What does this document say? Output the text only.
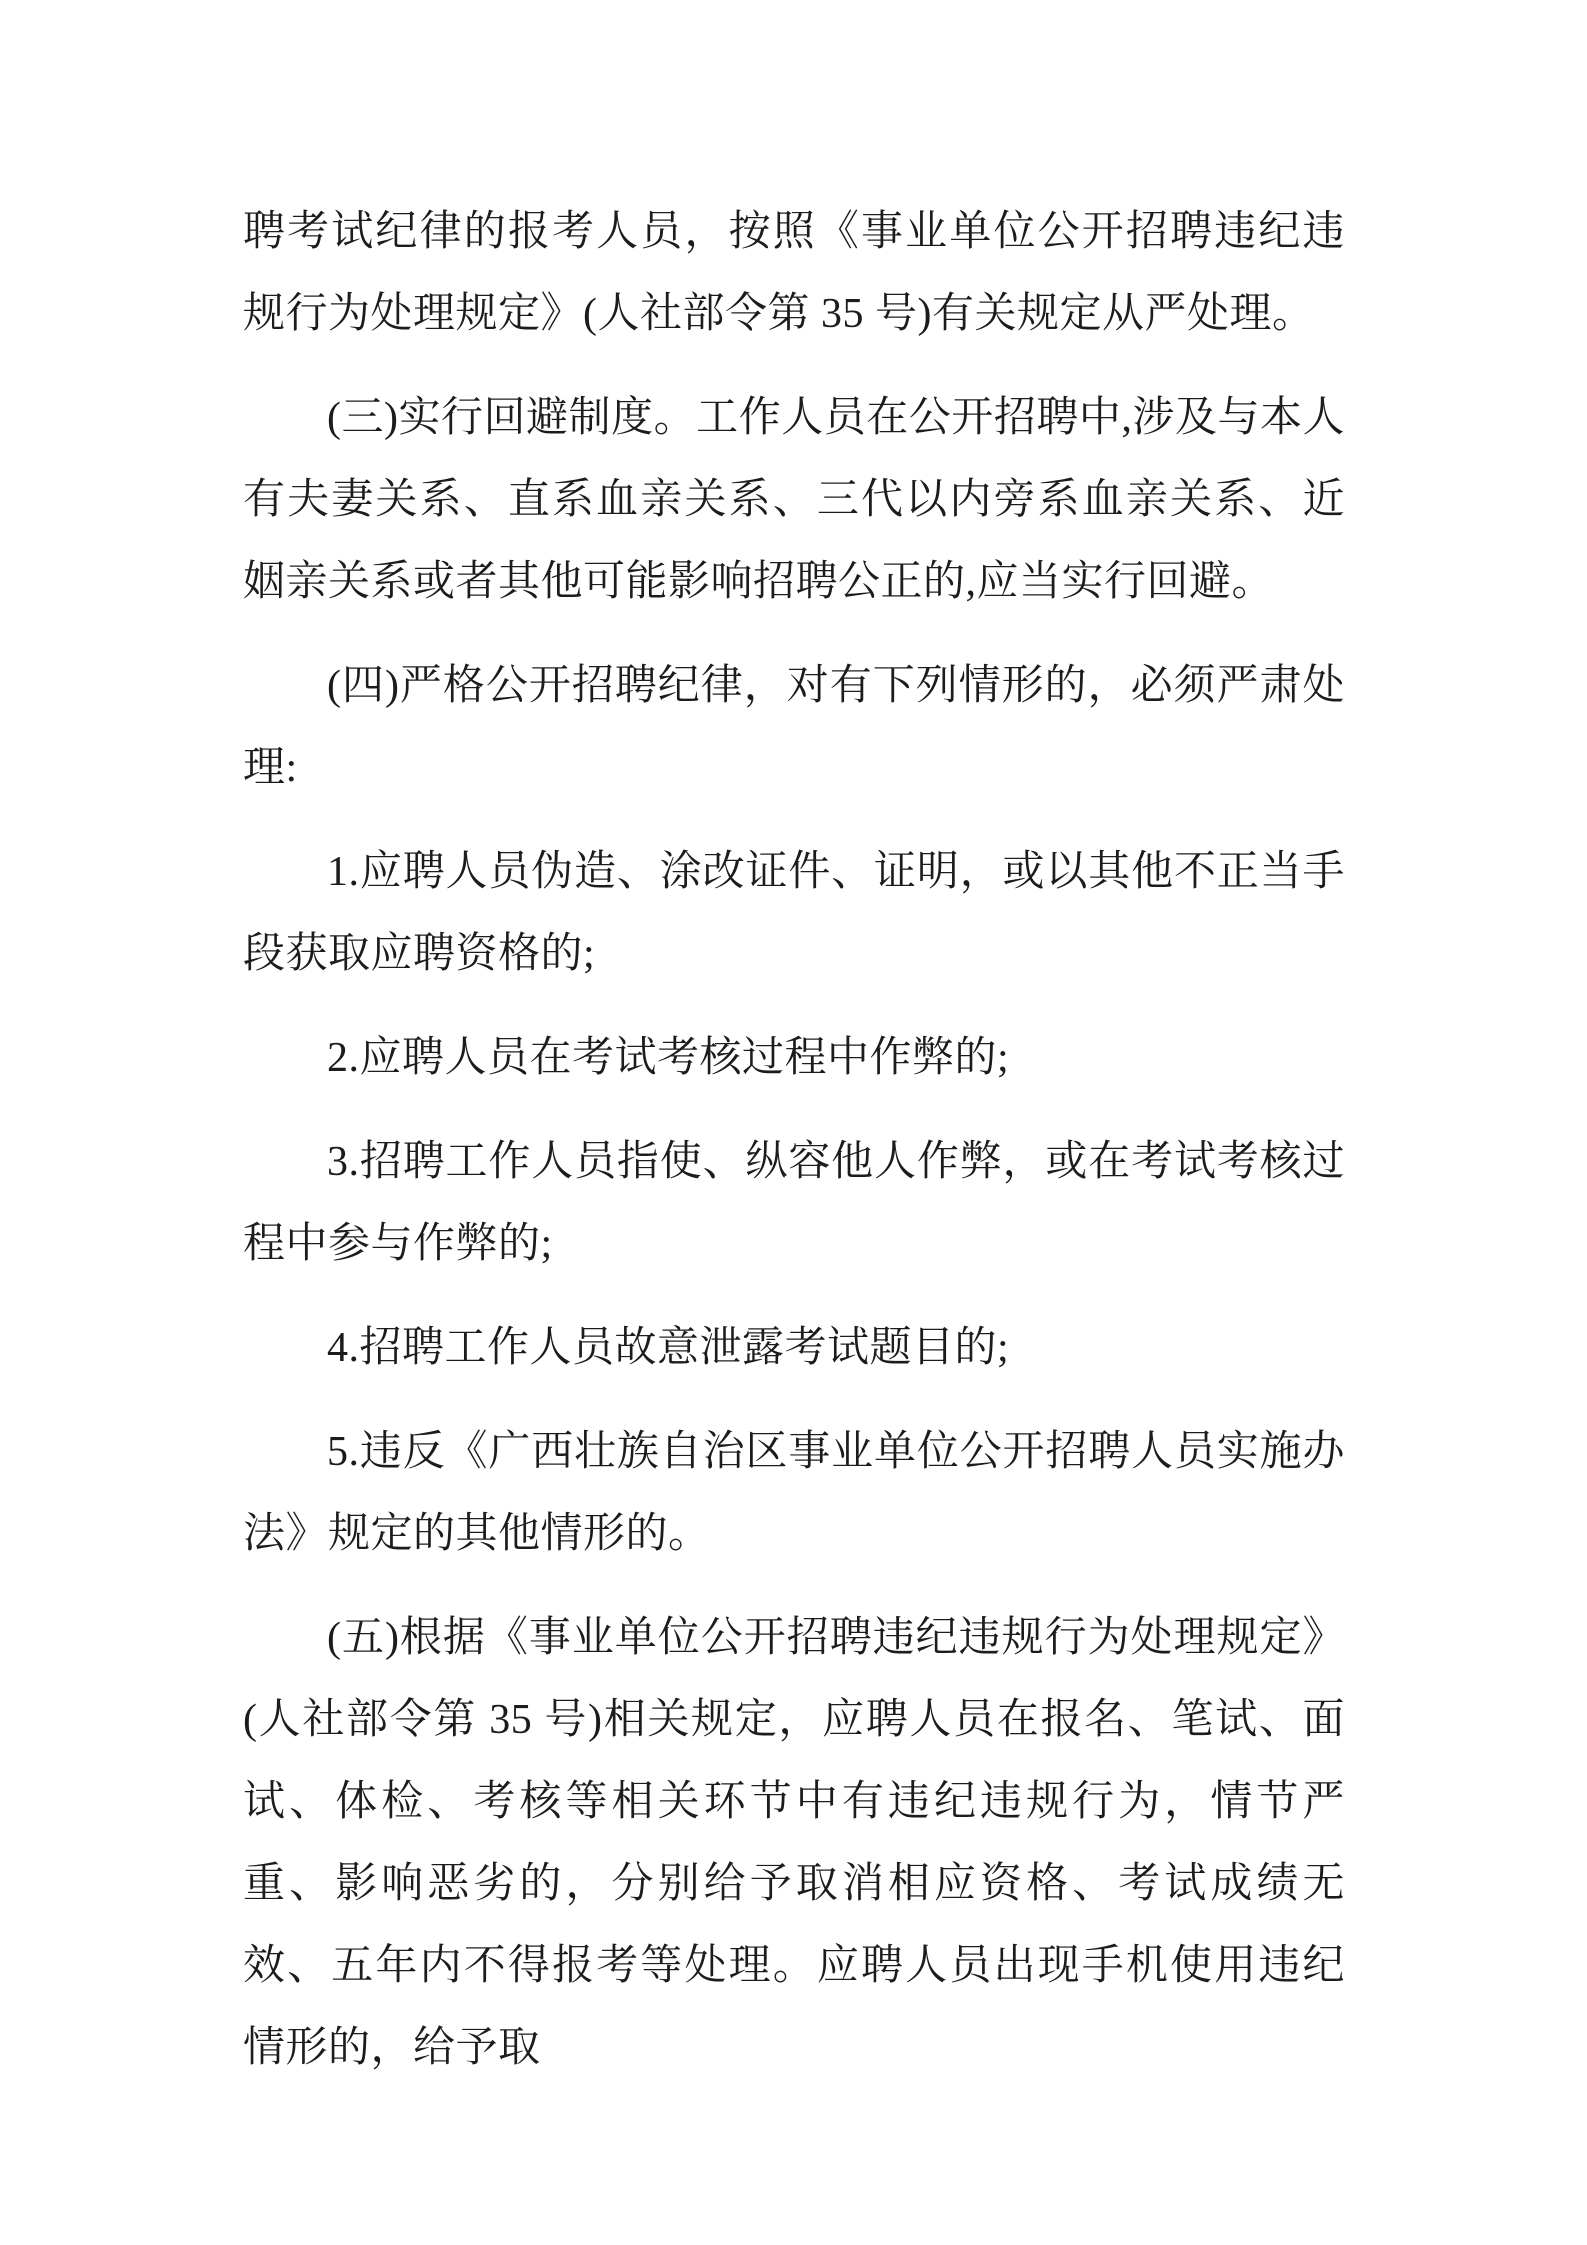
聘考试纪律的报考人员，按照《事业单位公开招聘违纪违规行为处理规定》(人社部令第 35 号)有关规定从严处理。

(三)实行回避制度。工作人员在公开招聘中,涉及与本人有夫妻关系、直系血亲关系、三代以内旁系血亲关系、近姻亲关系或者其他可能影响招聘公正的,应当实行回避。

(四)严格公开招聘纪律，对有下列情形的，必须严肃处理:

1.应聘人员伪造、涂改证件、证明，或以其他不正当手段获取应聘资格的;

2.应聘人员在考试考核过程中作弊的;

3.招聘工作人员指使、纵容他人作弊，或在考试考核过程中参与作弊的;

4.招聘工作人员故意泄露考试题目的;

5.违反《广西壮族自治区事业单位公开招聘人员实施办法》规定的其他情形的。

(五)根据《事业单位公开招聘违纪违规行为处理规定》(人社部令第 35 号)相关规定，应聘人员在报名、笔试、面试、体检、考核等相关环节中有违纪违规行为，情节严重、影响恶劣的，分别给予取消相应资格、考试成绩无效、五年内不得报考等处理。应聘人员出现手机使用违纪情形的，给予取
